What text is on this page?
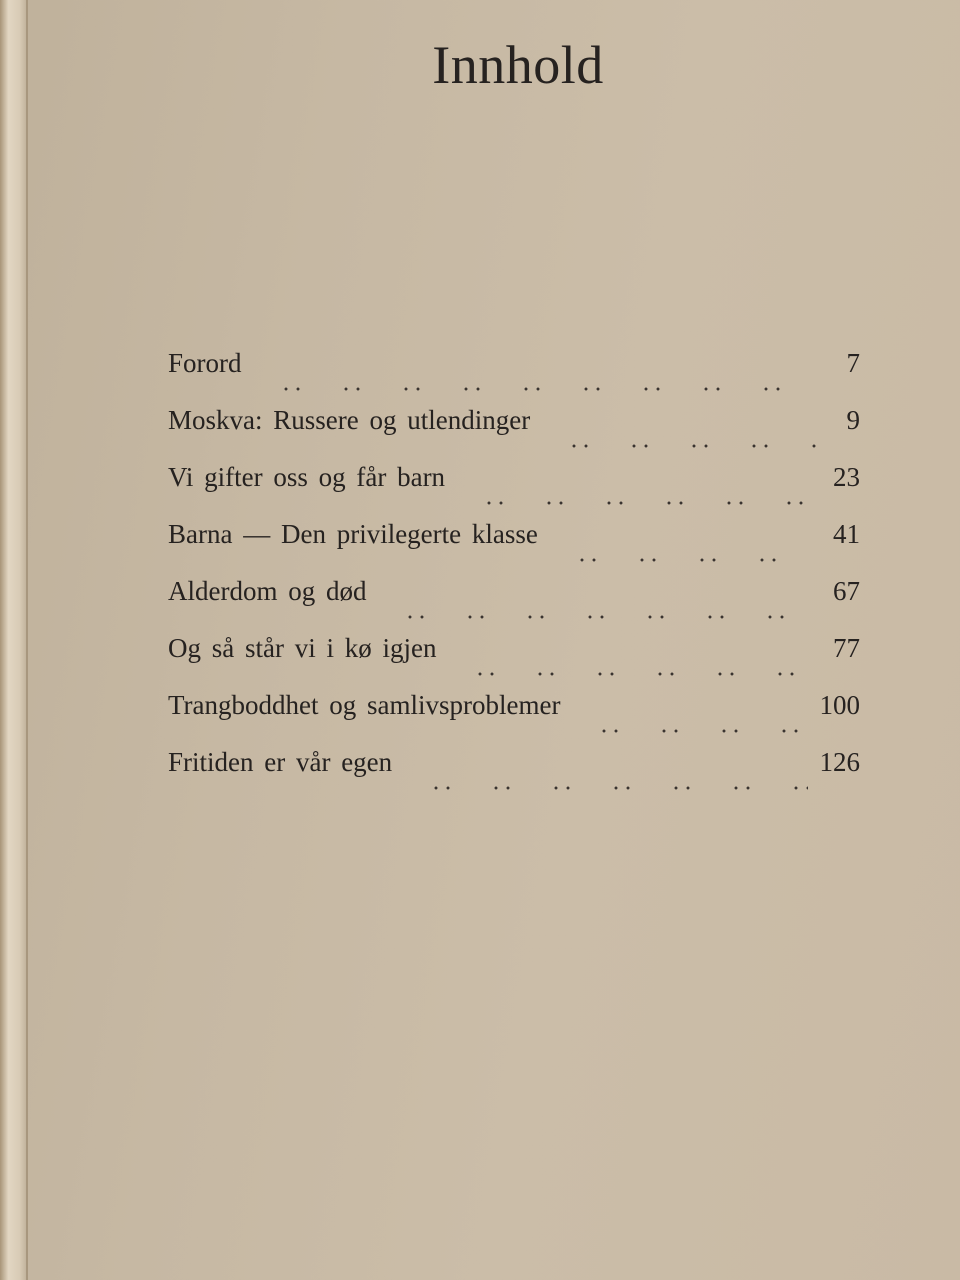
Innhold
Forord	7
Moskva: Russere og utlendinger	9
Vi gifter oss og får barn	23
Barna — Den privilegerte klasse	41
Alderdom og død	67
Og så står vi i kø igjen	77
Trangboddhet og samlivsproblemer	100
Fritiden er vår egen	126
